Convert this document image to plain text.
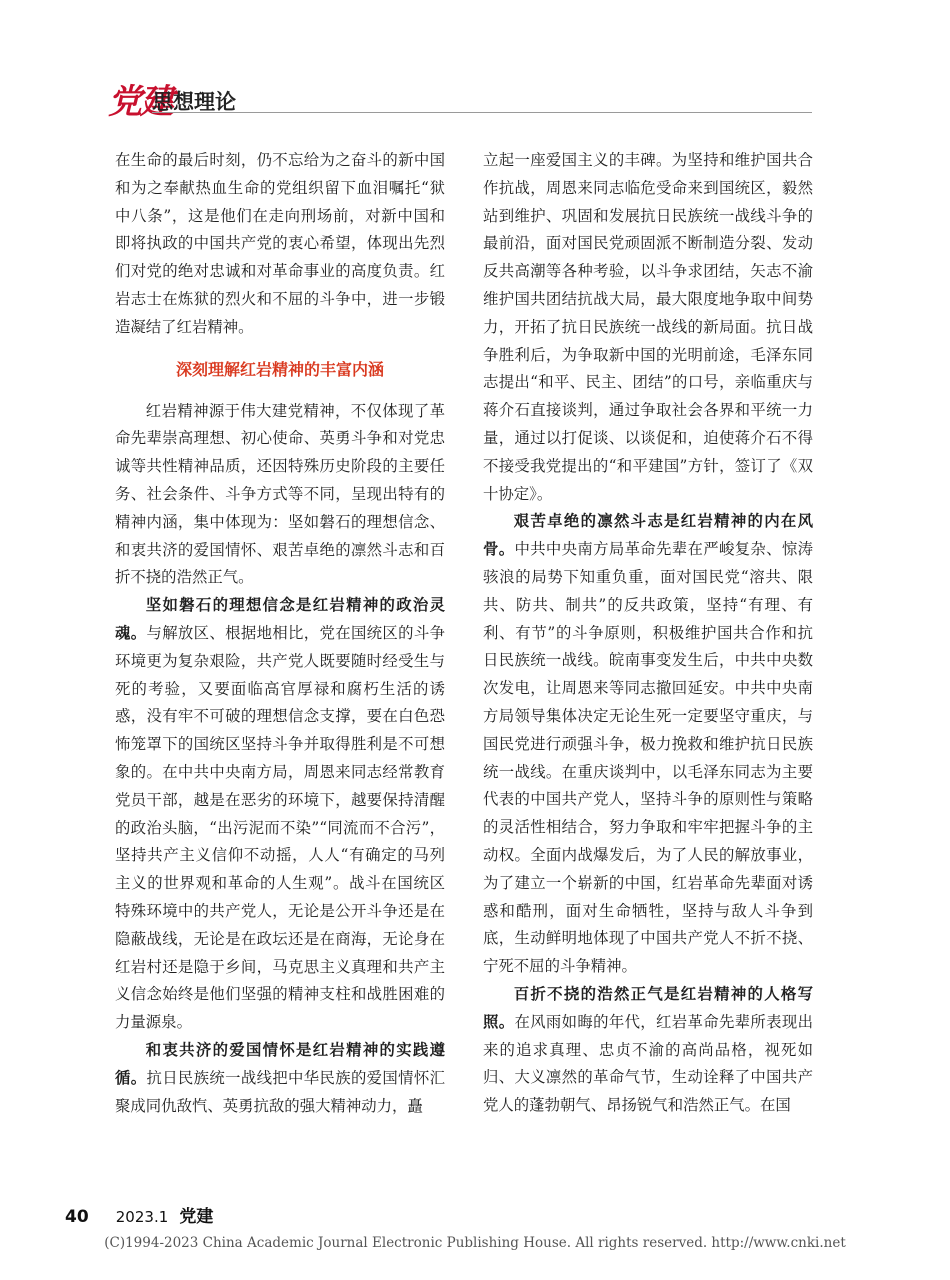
党建
思想理论

在生命的最后时刻，仍不忘给为之奋斗的新中国和为之奉献热血生命的党组织留下血泪嘱托“狱中八条”，这是他们在走向刑场前，对新中国和即将执政的中国共产党的衷心希望，体现出先烈们对党的绝对忠诚和对革命事业的高度负责。红岩志士在炼狱的烈火和不屈的斗争中，进一步锻造凝结了红岩精神。

深刻理解红岩精神的丰富内涵

红岩精神源于伟大建党精神，不仅体现了革命先辈崇高理想、初心使命、英勇斗争和对党忠诚等共性精神品质，还因特殊历史阶段的主要任务、社会条件、斗争方式等不同，呈现出特有的精神内涵，集中体现为：坚如磐石的理想信念、和衷共济的爱国情怀、艰苦卓绝的凛然斗志和百折不挠的浩然正气。

坚如磐石的理想信念是红岩精神的政治灵魂。与解放区、根据地相比，党在国统区的斗争环境更为复杂艰险，共产党人既要随时经受生与死的考验，又要面临高官厚禄和腐朽生活的诱惑，没有牢不可破的理想信念支撑，要在白色恐怖笼罩下的国统区坚持斗争并取得胜利是不可想象的。在中共中央南方局，周恩来同志经常教育党员干部，越是在恶劣的环境下，越要保持清醒的政治头脑，“出污泥而不染”“同流而不合污”，坚持共产主义信仰不动摇，人人“有确定的马列主义的世界观和革命的人生观”。战斗在国统区特殊环境中的共产党人，无论是公开斗争还是在隐蔽战线，无论是在政坛还是在商海，无论身在红岩村还是隐于乡间，马克思主义真理和共产主义信念始终是他们坚强的精神支柱和战胜困难的力量源泉。

和衷共济的爱国情怀是红岩精神的实践遵循。抗日民族统一战线把中华民族的爱国情怀汇聚成同仇敌忾、英勇抗敌的强大精神动力，矗

立起一座爱国主义的丰碑。为坚持和维护国共合作抗战，周恩来同志临危受命来到国统区，毅然站到维护、巩固和发展抗日民族统一战线斗争的最前沿，面对国民党顽固派不断制造分裂、发动反共高潮等各种考验，以斗争求团结，矢志不渝维护国共团结抗战大局，最大限度地争取中间势力，开拓了抗日民族统一战线的新局面。抗日战争胜利后，为争取新中国的光明前途，毛泽东同志提出“和平、民主、团结”的口号，亲临重庆与蒋介石直接谈判，通过争取社会各界和平统一力量，通过以打促谈、以谈促和，迫使蒋介石不得不接受我党提出的“和平建国”方针，签订了《双十协定》。

艰苦卓绝的凛然斗志是红岩精神的内在风骨。中共中央南方局革命先辈在严峻复杂、惊涛骇浪的局势下知重负重，面对国民党“溶共、限共、防共、制共”的反共政策，坚持“有理、有利、有节”的斗争原则，积极维护国共合作和抗日民族统一战线。皖南事变发生后，中共中央数次发电，让周恩来等同志撤回延安。中共中央南方局领导集体决定无论生死一定要坚守重庆，与国民党进行顽强斗争，极力挽救和维护抗日民族统一战线。在重庆谈判中，以毛泽东同志为主要代表的中国共产党人，坚持斗争的原则性与策略的灵活性相结合，努力争取和牢牢把握斗争的主动权。全面内战爆发后，为了人民的解放事业，为了建立一个崭新的中国，红岩革命先辈面对诱惑和酷刑，面对生命牺牲，坚持与敌人斗争到底，生动鲜明地体现了中国共产党人不折不挠、宁死不屈的斗争精神。

百折不挠的浩然正气是红岩精神的人格写照。在风雨如晦的年代，红岩革命先辈所表现出来的追求真理、忠贞不渝的高尚品格，视死如归、大义凛然的革命气节，生动诠释了中国共产党人的蓬勃朝气、昂扬锐气和浩然正气。在国

40 2023.1 党建
(C)1994-2023 China Academic Journal Electronic Publishing House. All rights reserved. http://www.cnki.net
